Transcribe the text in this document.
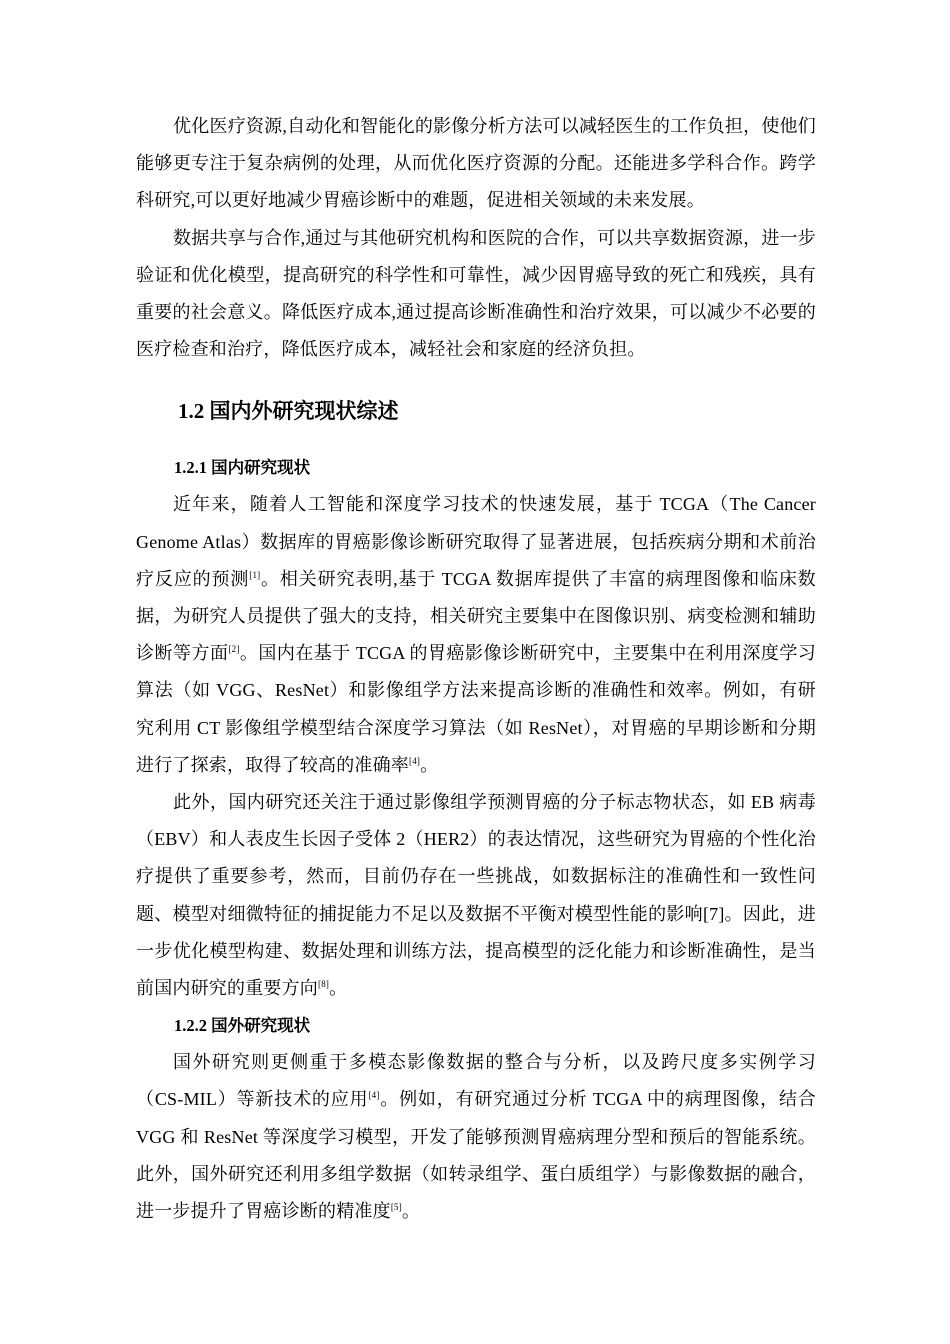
优化医疗资源,自动化和智能化的影像分析方法可以减轻医生的工作负担，使他们能够更专注于复杂病例的处理，从而优化医疗资源的分配。还能进多学科合作。跨学科研究,可以更好地减少胃癌诊断中的难题，促进相关领域的未来发展。

数据共享与合作,通过与其他研究机构和医院的合作，可以共享数据资源，进一步验证和优化模型，提高研究的科学性和可靠性，减少因胃癌导致的死亡和残疾，具有重要的社会意义。降低医疗成本,通过提高诊断准确性和治疗效果，可以减少不必要的医疗检查和治疗，降低医疗成本，减轻社会和家庭的经济负担。

1.2 国内外研究现状综述
1.2.1 国内研究现状

近年来，随着人工智能和深度学习技术的快速发展，基于 TCGA（The Cancer Genome Atlas）数据库的胃癌影像诊断研究取得了显著进展，包括疾病分期和术前治疗反应的预测[1]。相关研究表明,基于 TCGA 数据库提供了丰富的病理图像和临床数据，为研究人员提供了强大的支持，相关研究主要集中在图像识别、病变检测和辅助诊断等方面[2]。国内在基于 TCGA 的胃癌影像诊断研究中，主要集中在利用深度学习算法（如 VGG、ResNet）和影像组学方法来提高诊断的准确性和效率。例如，有研究利用 CT 影像组学模型结合深度学习算法（如 ResNet），对胃癌的早期诊断和分期进行了探索，取得了较高的准确率[4]。

此外，国内研究还关注于通过影像组学预测胃癌的分子标志物状态，如 EB 病毒（EBV）和人表皮生长因子受体 2（HER2）的表达情况，这些研究为胃癌的个性化治疗提供了重要参考，然而，目前仍存在一些挑战，如数据标注的准确性和一致性问题、模型对细微特征的捕捉能力不足以及数据不平衡对模型性能的影响[7]。因此，进一步优化模型构建、数据处理和训练方法，提高模型的泛化能力和诊断准确性，是当前国内研究的重要方向[8]。

1.2.2 国外研究现状

国外研究则更侧重于多模态影像数据的整合与分析，以及跨尺度多实例学习（CS-MIL）等新技术的应用[4]。例如，有研究通过分析 TCGA 中的病理图像，结合 VGG 和 ResNet 等深度学习模型，开发了能够预测胃癌病理分型和预后的智能系统。此外，国外研究还利用多组学数据（如转录组学、蛋白质组学）与影像数据的融合，进一步提升了胃癌诊断的精准度[5]。
